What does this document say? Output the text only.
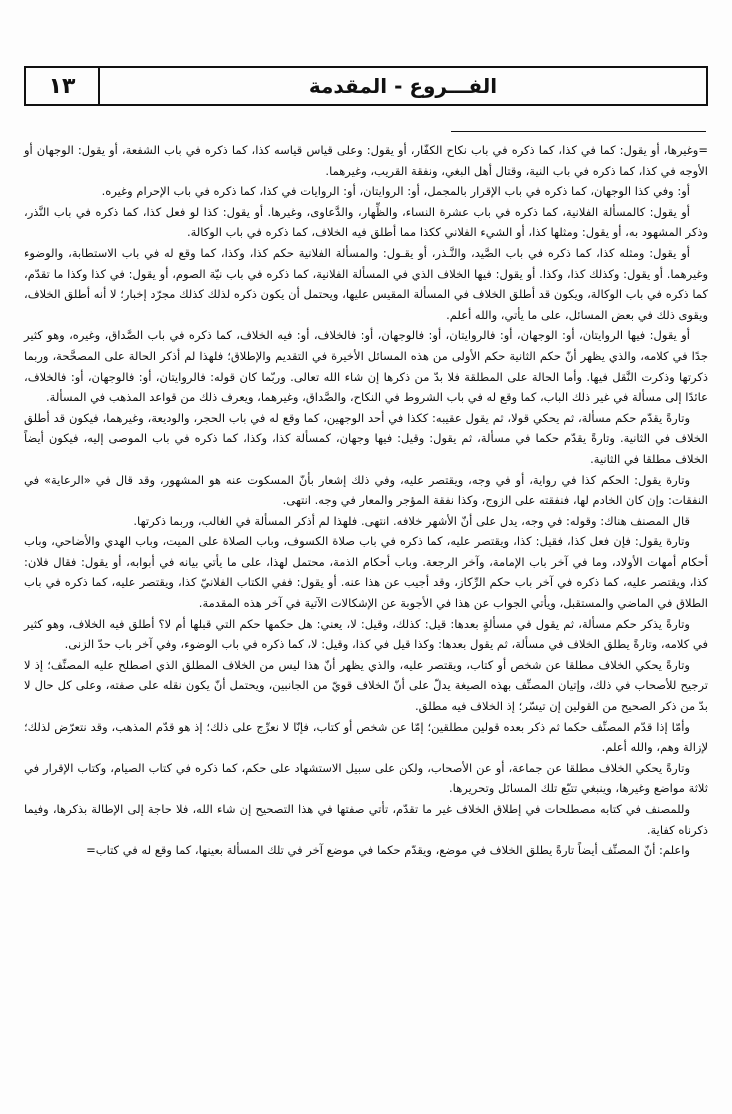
١٣	الفـــروع - المقدمة

=وغيرها، أو يقول: كما في كذا، كما ذكره في باب نكاح الكفّار، أو يقول: وعلى قياس قياسه كذا، كما ذكره في باب الشفعة، أو يقول: الوجهان أو الأوجه في كذا، كما ذكره في باب النية، وقتال أهل البغي، ونفقة القريب، وغيرهما.

أو: وفي كذا الوجهان، كما ذكره في باب الإقرار بالمجمل، أو: الروايتان، أو: الروايات في كذا، كما ذكره في باب الإحرام وغيره.

أو يقول: كالمسألة الفلانية، كما ذكره في باب عشرة النساء، والظِّهار، والدَّعاوى، وغيرها. أو يقول: كذا لو فعل كذا، كما ذكره في باب النَّذر، وذكر المشهود به، أو يقول: ومثلها كذا، أو الشيء الفلاني ككذا مما أطلق فيه الخلاف، كما ذكره في باب الوكالة.

أو يقول: ومثله كذا، كما ذكره في باب الصَّيد، والنَّـذر، أو يقـول: والمسألة الفلانية حكم كذا، وكذا، كما وقع له في باب الاستطابة، والوضوء وغيرهما. أو يقول: وكذلك كذا، وكذا. أو يقول: فيها الخلاف الذي في المسألة الفلانية، كما ذكره في باب نيّة الصوم، أو يقول: في كذا وكذا ما تقدّم، كما ذكره في باب الوكالة، ويكون قد أطلق الخلاف في المسألة المقيس عليها، ويحتمل أن يكون ذكره لذلك كذلك مجرّد إخبار؛ لا أنه أطلق الخلاف، ويقوى ذلك في بعض المسائل، على ما يأتي، والله أعلم.

أو يقول: فيها الروايتان، أو: الوجهان، أو: فالروايتان، أو: فالوجهان، أو: فالخلاف، أو: فيه الخلاف، كما ذكره في باب الصَّداق، وغيره، وهو كثير جدًا في كلامه، والذي يظهر أنّ حكم الثانية حكم الأولى من هذه المسائل الأخيرة في التقديم والإطلاق؛ فلهذا لم أذكر الحالة على المصحَّحة، وربما ذكرتها وذكرت النَّقل فيها. وأما الحالة على المطلقة فلا بدّ من ذكرها إن شاء الله تعالى. وربّما كان قوله: فالروايتان، أو: فالوجهان، أو: فالخلاف، عائدًا إلى مسألة في غير ذلك الباب، كما وقع له في باب الشروط في النكاح، والصَّداق، وغيرهما، ويعرف ذلك من قواعد المذهب في المسألة.

وتارةً يقدّم حكم مسألة، ثم يحكي قولا، ثم يقول عقيبه: ككذا في أحد الوجهين، كما وقع له في باب الحجر، والوديعة، وغيرهما، فيكون قد أطلق الخلاف في الثانية. وتارةً يقدّم حكما في مسألة، ثم يقول: وقيل: فيها وجهان، كمسألة كذا، وكذا، كما ذكره في باب الموصى إليه، فيكون أيضاً الخلاف مطلقا في الثانية.

وتارة يقول: الحكم كذا في رواية، أو في وجه، ويقتصر عليه، وفي ذلك إشعار بأنّ المسكوت عنه هو المشهور، وقد قال في «الرعاية» في النفقات: وإن كان الخادم لها، فنفقته على الزوج، وكذا نفقة المؤجر والمعار في وجه. انتهى.

قال المصنف هناك: وقوله: في وجه، يدل على أنّ الأشهر خلافه. انتهى. فلهذا لم أذكر المسألة في الغالب، وربما ذكرتها.

وتارة يقول: فإن فعل كذا، فقيل: كذا، ويقتصر عليه، كما ذكره في باب صلاة الكسوف، وباب الصلاة على الميت، وباب الهدي والأضاحي، وباب أحكام أمهات الأولاد، وما في آخر باب الإمامة، وآخر الرجعة. وباب أحكام الذمة، محتمل لهذا، على ما يأتي بيانه في أبوابه، أو يقول: فقال فلان: كذا، ويقتصر عليه، كما ذكره في آخر باب حكم الرِّكاز، وقد أجيب عن هذا عنه. أو يقول: ففي الكتاب الفلانيّ كذا، ويقتصر عليه، كما ذكره في باب الطلاق في الماضي والمستقبل، ويأتي الجواب عن هذا في الأجوبة عن الإشكالات الآتية في آخر هذه المقدمة.

وتارةً يذكر حكم مسألة، ثم يقول في مسألةٍ بعدها: قيل: كذلك، وقيل: لا، يعني: هل حكمها حكم التي قبلها أم لا؟ أطلق فيه الخلاف، وهو كثير في كلامه، وتارةً يطلق الخلاف في مسألة، ثم يقول بعدها: وكذا قيل في كذا، وقيل: لا، كما ذكره في باب الوضوء، وفي آخر باب حدّ الزنى.

وتارةً يحكي الخلاف مطلقا عن شخص أو كتاب، ويقتصر عليه، والذي يظهر أنّ هذا ليس من الخلاف المطلق الذي اصطلح عليه المصنِّف؛ إذ لا ترجيح للأصحاب في ذلك، وإتيان المصنِّف بهذه الصيغة يدلّ على أنّ الخلاف قويّ من الجانبين، ويحتمل أنّ يكون نقله على صفته، وعلى كل حال لا بدّ من ذكر الصحيح من القولين إن تيسّر؛ إذ الخلاف فيه مطلق.

وأمّا إذا قدّم المصنِّف حكما ثم ذكر بعده قولين مطلقين؛ إمّا عن شخص أو كتاب، فإنّا لا نعرِّج على ذلك؛ إذ هو قدّم المذهب، وقد نتعرّض لذلك؛ لإزالة وهم، والله أعلم.

وتارةً يحكي الخلاف مطلقا عن جماعة، أو عن الأصحاب، ولكن على سبيل الاستشهاد على حكم، كما ذكره في كتاب الصيام، وكتاب الإقرار في ثلاثة مواضع وغيرها، وينبغي تتبّع تلك المسائل وتحريرها.

وللمصنف في كتابه مصطلحات في إطلاق الخلاف غير ما تقدّم، تأتي صفتها في هذا التصحيح إن شاء الله، فلا حاجة إلى الإطالة بذكرها، وفيما ذكرناه كفاية.

واعلم: أنّ المصنِّف أيضاً تارةً يطلق الخلاف في موضع، ويقدّم حكما في موضع آخر في تلك المسألة بعينها، كما وقع له في كتاب=
